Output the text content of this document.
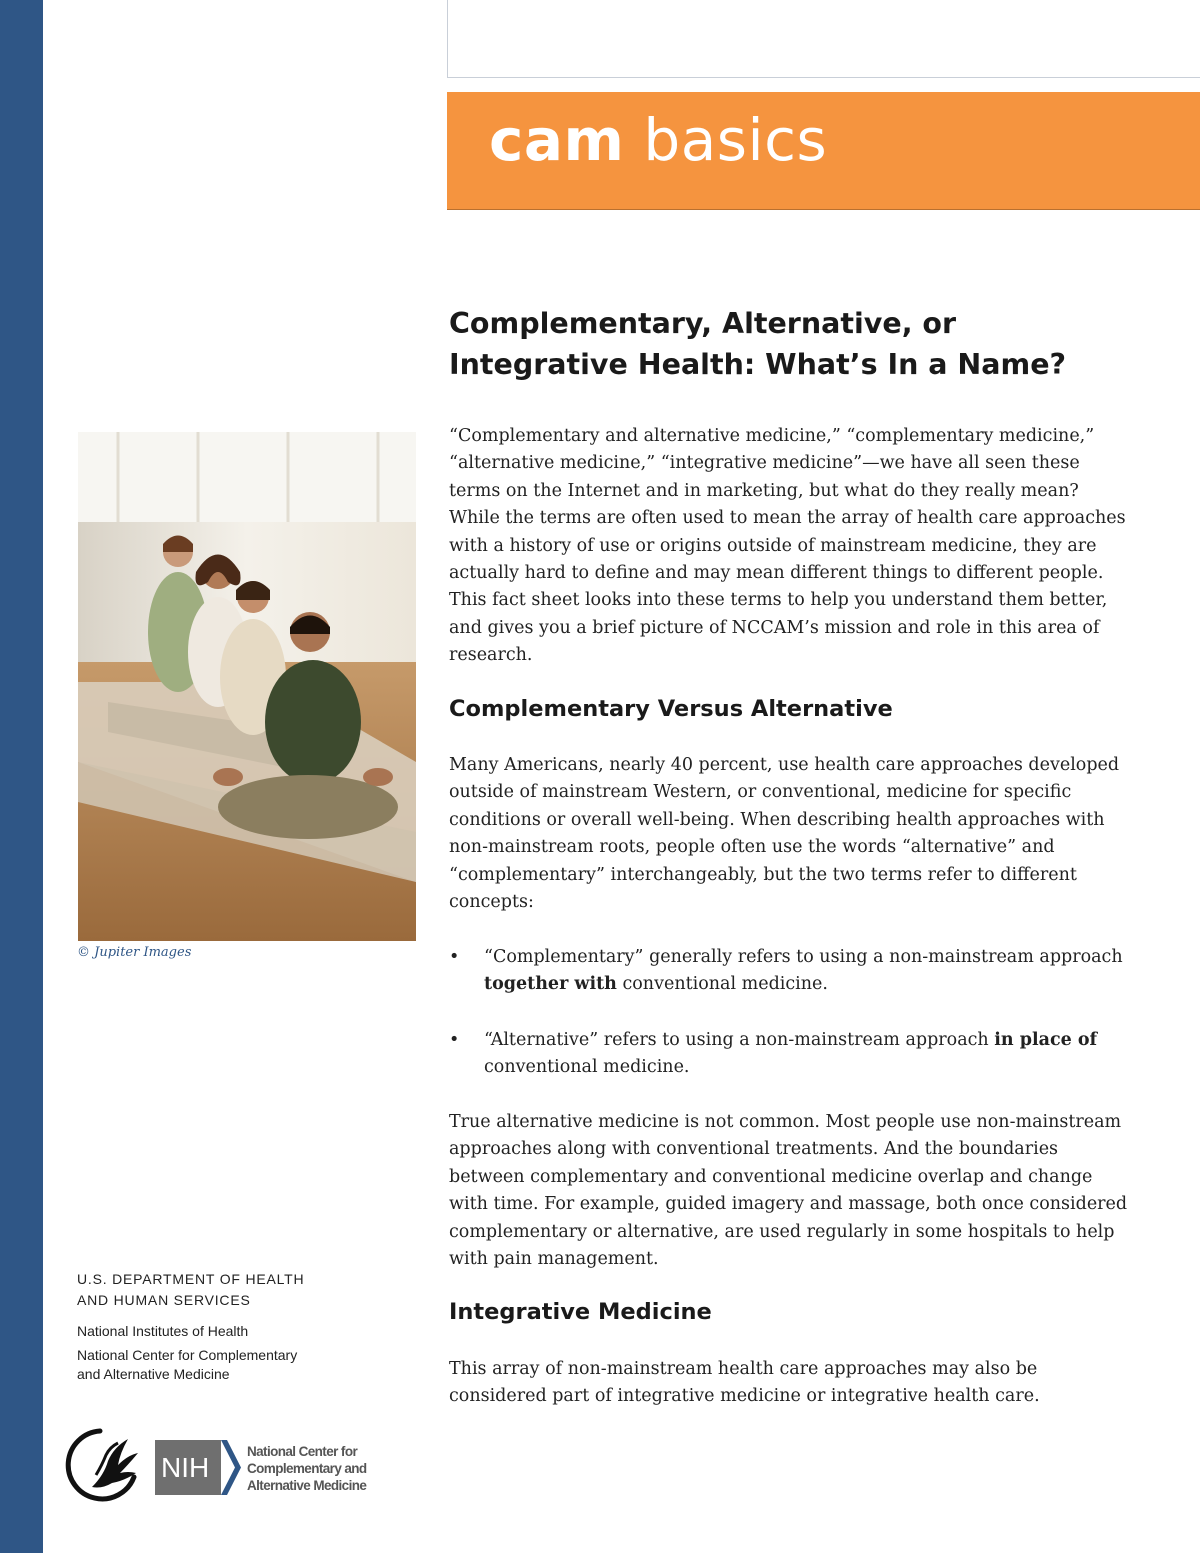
cam basics
Complementary, Alternative, or
Integrative Health: What’s In a Name?

“Complementary and alternative medicine,” “complementary medicine,” “alternative medicine,” “integrative medicine”—we have all seen these terms on the Internet and in marketing, but what do they really mean? While the terms are often used to mean the array of health care approaches with a history of use or origins outside of mainstream medicine, they are actually hard to define and may mean different things to different people. This fact sheet looks into these terms to help you understand them better, and gives you a brief picture of NCCAM’s mission and role in this area of research.

Complementary Versus Alternative

Many Americans, nearly 40 percent, use health care approaches developed outside of mainstream Western, or conventional, medicine for specific conditions or overall well-being. When describing health approaches with non-mainstream roots, people often use the words “alternative” and “complementary” interchangeably, but the two terms refer to different concepts:

• “Complementary” generally refers to using a non-mainstream approach together with conventional medicine.
• “Alternative” refers to using a non-mainstream approach in place of conventional medicine.

True alternative medicine is not common. Most people use non-mainstream approaches along with conventional treatments. And the boundaries between complementary and conventional medicine overlap and change with time. For example, guided imagery and massage, both once considered complementary or alternative, are used regularly in some hospitals to help with pain management.

Integrative Medicine

This array of non-mainstream health care approaches may also be considered part of integrative medicine or integrative health care.

© Jupiter Images
U.S. DEPARTMENT OF HEALTH
AND HUMAN SERVICES
National Institutes of Health
National Center for Complementary
and Alternative Medicine
NIH
National Center for
Complementary and
Alternative Medicine
